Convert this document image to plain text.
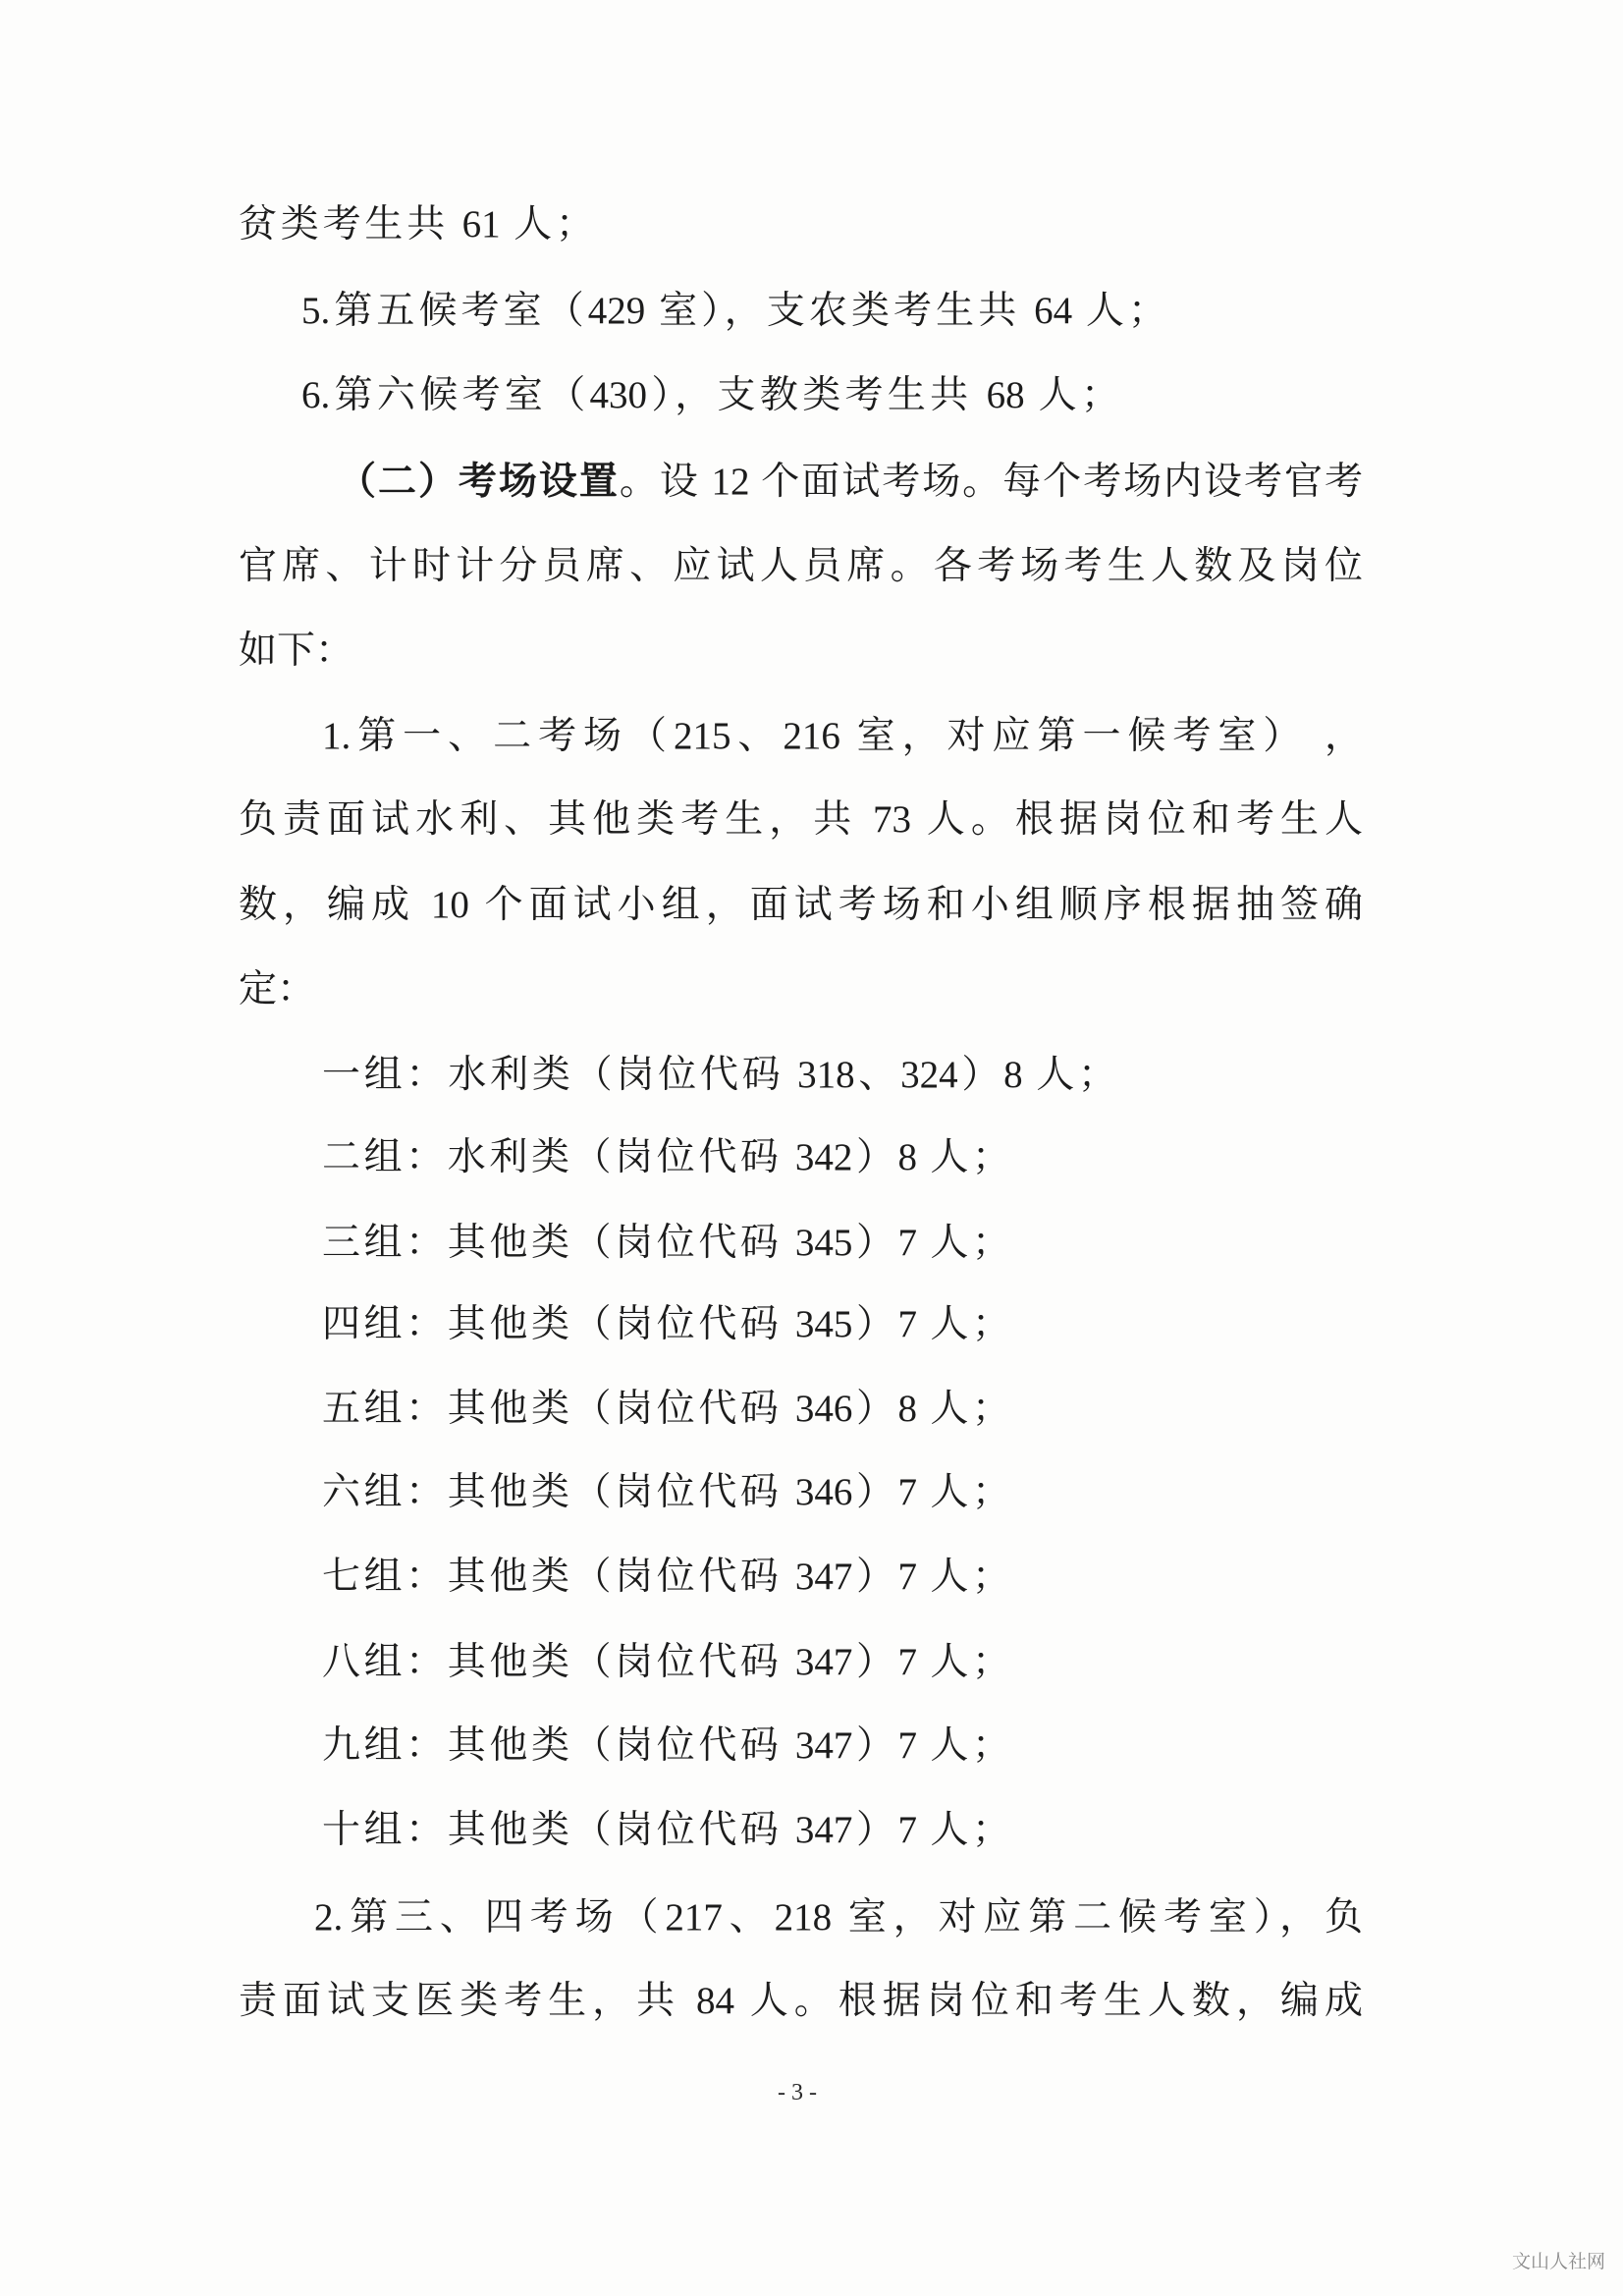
贫类考生共 61 人；
5.第五候考室（429 室），支农类考生共 64 人；
6.第六候考室（430），支教类考生共 68 人；
（二）考场设置。设 12 个面试考场。每个考场内设考官考
官席、计时计分员席、应试人员席。各考场考生人数及岗位
如下：
1.第一、二考场（215、216 室，对应第一候考室） ，
负责面试水利、其他类考生，共 73 人。根据岗位和考生人
数，编成 10 个面试小组，面试考场和小组顺序根据抽签确
定：
一组：水利类（岗位代码 318、324）8 人；
二组：水利类（岗位代码 342）8 人；
三组：其他类（岗位代码 345）7 人；
四组：其他类（岗位代码 345）7 人；
五组：其他类（岗位代码 346）8 人；
六组：其他类（岗位代码 346）7 人；
七组：其他类（岗位代码 347）7 人；
八组：其他类（岗位代码 347）7 人；
九组：其他类（岗位代码 347）7 人；
十组：其他类（岗位代码 347）7 人；
2.第三、四考场（217、218 室，对应第二候考室），负
责面试支医类考生，共 84 人。根据岗位和考生人数，编成
- 3 -
文山人社网
